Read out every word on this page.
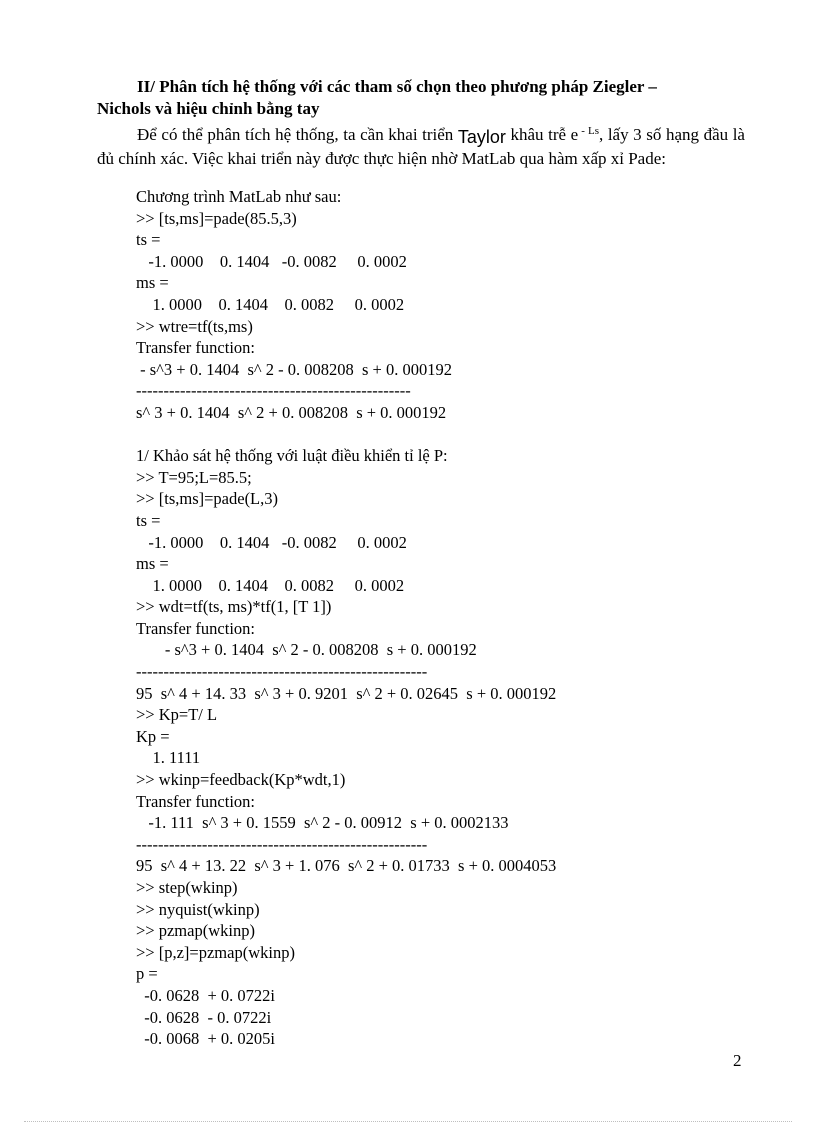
II/ Phân tích hệ thống với các tham số chọn theo phương pháp Ziegler –
Nichols và hiệu chỉnh bằng tay
Để có thể phân tích hệ thống, ta cần khai triển Taylor khâu trễ e $^{- Ls}$, lấy 3 số hạng đầu là đủ chính xác. Việc khai triển này được thực hiện nhờ MatLab qua hàm xấp xỉ Pade:
Chương trình MatLab như sau:
>> [ts,ms]=pade(85.5,3)
ts =
-1. 0000    0. 1404   -0. 0082     0. 0002
ms =
1. 0000    0. 1404    0. 0082     0. 0002
>> wtre=tf(ts,ms)
Transfer function:
- s^3 + 0. 1404  s^ 2 - 0. 008208  s + 0. 000192
--------------------------------------------------
s^ 3 + 0. 1404  s^ 2 + 0. 008208  s + 0. 000192
1/ Khảo sát hệ thống với luật điều khiển tỉ lệ P:
>> T=95;L=85.5;
>> [ts,ms]=pade(L,3)
ts =
-1. 0000    0. 1404   -0. 0082     0. 0002
ms =
1. 0000    0. 1404    0. 0082     0. 0002
>> wdt=tf(ts, ms)*tf(1, [T 1])
Transfer function:
- s^3 + 0. 1404  s^ 2 - 0. 008208  s + 0. 000192
-----------------------------------------------------
95  s^ 4 + 14. 33  s^ 3 + 0. 9201  s^ 2 + 0. 02645  s + 0. 000192
>> Kp=T/ L
Kp =
1. 1111
>> wkinp=feedback(Kp*wdt,1)
Transfer function:
-1. 111  s^ 3 + 0. 1559  s^ 2 - 0. 00912  s + 0. 0002133
-----------------------------------------------------
95  s^ 4 + 13. 22  s^ 3 + 1. 076  s^ 2 + 0. 01733  s + 0. 0004053
>> step(wkinp)
>> nyquist(wkinp)
>> pzmap(wkinp)
>> [p,z]=pzmap(wkinp)
p =
-0. 0628  + 0. 0722i
-0. 0628  - 0. 0722i
-0. 0068  + 0. 0205i
2
